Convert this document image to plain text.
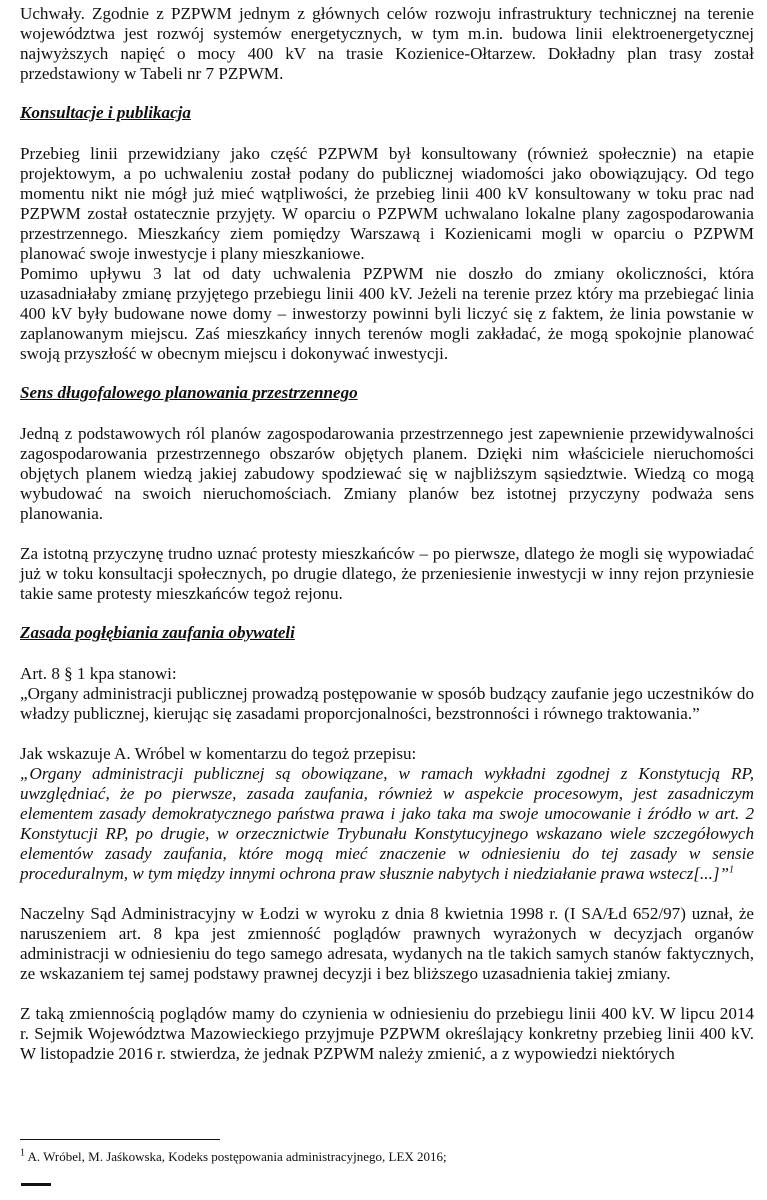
Uchwały. Zgodnie z PZPWM jednym z głównych celów rozwoju infrastruktury technicznej na terenie województwa jest rozwój systemów energetycznych, w tym m.in. budowa linii elektroenergetycznej najwyższych napięć o mocy 400 kV na trasie Kozienice-Ołtarzew. Dokładny plan trasy został przedstawiony w Tabeli nr 7 PZPWM.

Konsultacje i publikacja

Przebieg linii przewidziany jako część PZPWM był konsultowany (również społecznie) na etapie projektowym, a po uchwaleniu został podany do publicznej wiadomości jako obowiązujący. Od tego momentu nikt nie mógł już mieć wątpliwości, że przebieg linii 400 kV konsultowany w toku prac nad PZPWM został ostatecznie przyjęty. W oparciu o PZPWM uchwalano lokalne plany zagospodarowania przestrzennego. Mieszkańcy ziem pomiędzy Warszawą i Kozienicami mogli w oparciu o PZPWM planować swoje inwestycje i plany mieszkaniowe.

Pomimo upływu 3 lat od daty uchwalenia PZPWM nie doszło do zmiany okoliczności, która uzasadniałaby zmianę przyjętego przebiegu linii 400 kV. Jeżeli na terenie przez który ma przebiegać linia 400 kV były budowane nowe domy – inwestorzy powinni byli liczyć się z faktem, że linia powstanie w zaplanowanym miejscu. Zaś mieszkańcy innych terenów mogli zakładać, że mogą spokojnie planować swoją przyszłość w obecnym miejscu i dokonywać inwestycji.

Sens długofalowego planowania przestrzennego

Jedną z podstawowych ról planów zagospodarowania przestrzennego jest zapewnienie przewidywalności zagospodarowania przestrzennego obszarów objętych planem. Dzięki nim właściciele nieruchomości objętych planem wiedzą jakiej zabudowy spodziewać się w najbliższym sąsiedztwie. Wiedzą co mogą wybudować na swoich nieruchomościach. Zmiany planów bez istotnej przyczyny podważa sens planowania.

Za istotną przyczynę trudno uznać protesty mieszkańców – po pierwsze, dlatego że mogli się wypowiadać już w toku konsultacji społecznych, po drugie dlatego, że przeniesienie inwestycji w inny rejon przyniesie takie same protesty mieszkańców tegoż rejonu.

Zasada pogłębiania zaufania obywateli

Art. 8 § 1 kpa stanowi:

„Organy administracji publicznej prowadzą postępowanie w sposób budzący zaufanie jego uczestników do władzy publicznej, kierując się zasadami proporcjonalności, bezstronności i równego traktowania.”

Jak wskazuje A. Wróbel w komentarzu do tegoż przepisu:

„Organy administracji publicznej są obowiązane, w ramach wykładni zgodnej z Konstytucją RP, uwzględniać, że po pierwsze, zasada zaufania, również w aspekcie procesowym, jest zasadniczym elementem zasady demokratycznego państwa prawa i jako taka ma swoje umocowanie i źródło w art. 2 Konstytucji RP, po drugie, w orzecznictwie Trybunału Konstytucyjnego wskazano wiele szczegółowych elementów zasady zaufania, które mogą mieć znaczenie w odniesieniu do tej zasady w sensie proceduralnym, w tym między innymi ochrona praw słusznie nabytych i niedziałanie prawa wstecz[...]”$^1$

Naczelny Sąd Administracyjny w Łodzi w wyroku z dnia 8 kwietnia 1998 r. (I SA/Łd 652/97) uznał, że naruszeniem art. 8 kpa jest zmienność poglądów prawnych wyrażonych w decyzjach organów administracji w odniesieniu do tego samego adresata, wydanych na tle takich samych stanów faktycznych, ze wskazaniem tej samej podstawy prawnej decyzji i bez bliższego uzasadnienia takiej zmiany.

Z taką zmiennością poglądów mamy do czynienia w odniesieniu do przebiegu linii 400 kV. W lipcu 2014 r. Sejmik Województwa Mazowieckiego przyjmuje PZPWM określający konkretny przebieg linii 400 kV. W listopadzie 2016 r. stwierdza, że jednak PZPWM należy zmienić, a z wypowiedzi niektórych

$^1$ A. Wróbel, M. Jaśkowska, Kodeks postępowania administracyjnego, LEX 2016;
